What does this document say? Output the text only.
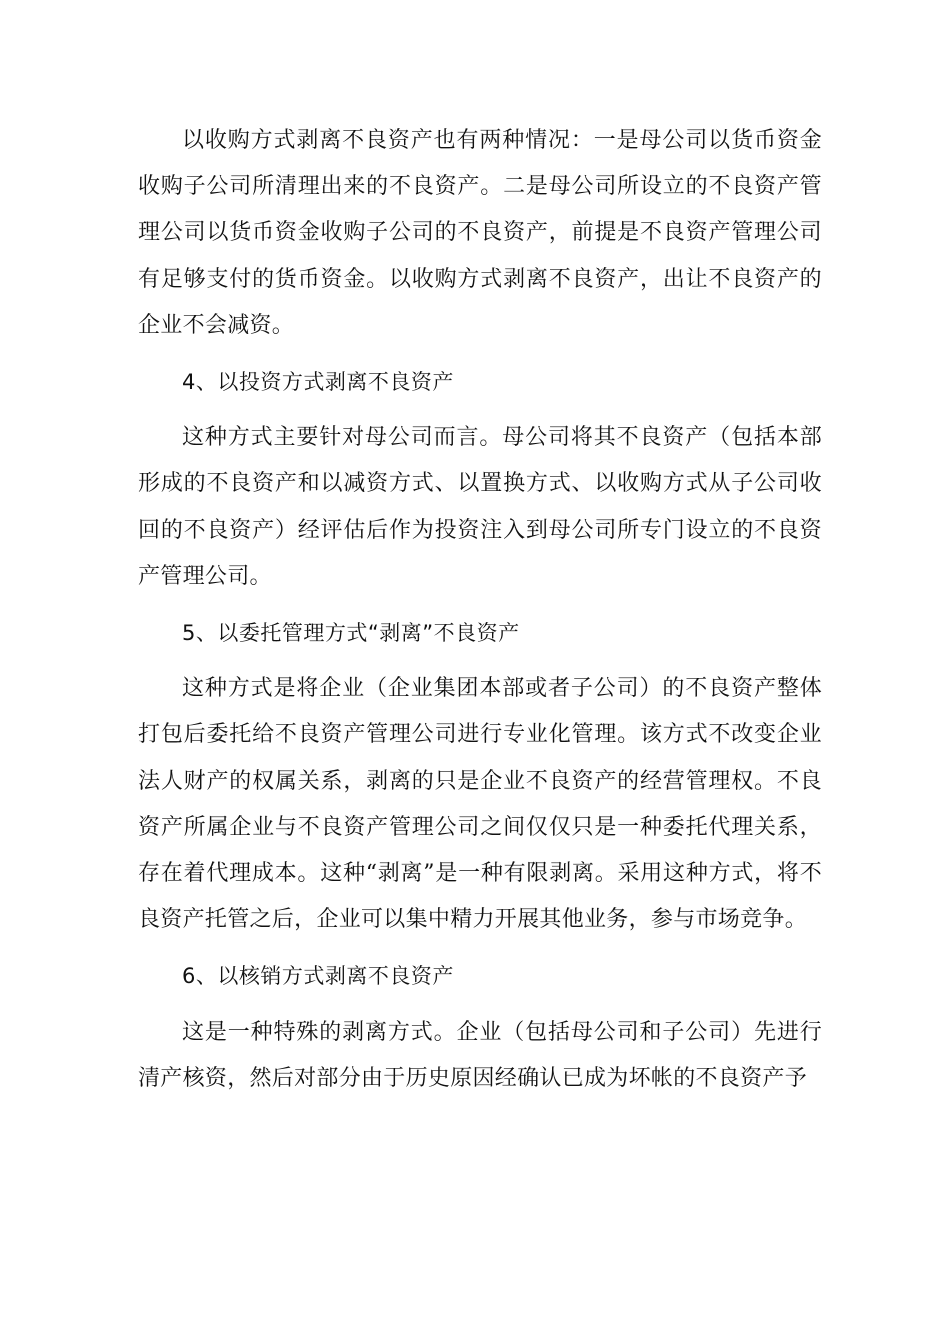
以收购方式剥离不良资产也有两种情况：一是母公司以货币资金收购子公司所清理出来的不良资产。二是母公司所设立的不良资产管理公司以货币资金收购子公司的不良资产，前提是不良资产管理公司有足够支付的货币资金。以收购方式剥离不良资产，出让不良资产的企业不会减资。

4、以投资方式剥离不良资产

这种方式主要针对母公司而言。母公司将其不良资产（包括本部形成的不良资产和以减资方式、以置换方式、以收购方式从子公司收回的不良资产）经评估后作为投资注入到母公司所专门设立的不良资产管理公司。

5、以委托管理方式“剥离”不良资产

这种方式是将企业（企业集团本部或者子公司）的不良资产整体打包后委托给不良资产管理公司进行专业化管理。该方式不改变企业法人财产的权属关系，剥离的只是企业不良资产的经营管理权。不良资产所属企业与不良资产管理公司之间仅仅只是一种委托代理关系，存在着代理成本。这种“剥离”是一种有限剥离。采用这种方式，将不良资产托管之后，企业可以集中精力开展其他业务，参与市场竞争。

6、以核销方式剥离不良资产

这是一种特殊的剥离方式。企业（包括母公司和子公司）先进行清产核资，然后对部分由于历史原因经确认已成为坏帐的不良资产予
